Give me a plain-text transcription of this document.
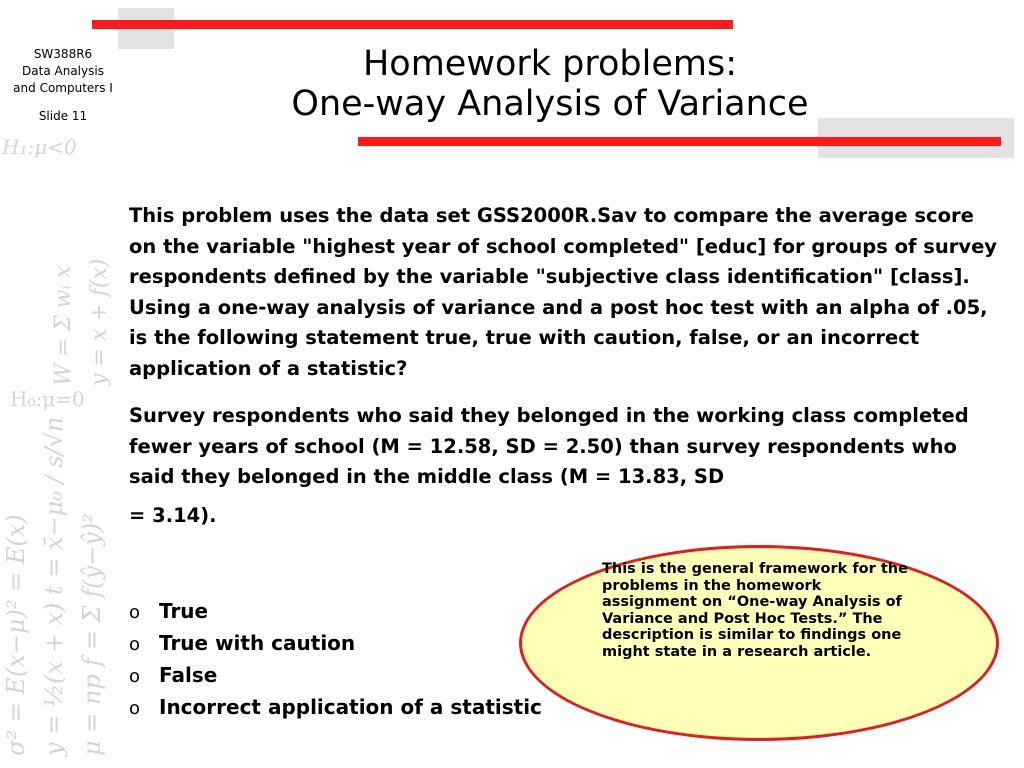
SW388R6
Data Analysis
and Computers I
Slide 11
H₁:μ<0
H₀:μ=0
σ² = E(x−μ)² = E(x) y = ½(x + x) t = x̄−μ₀ / s/√n μ = np f = Σ f(ŷ−ŷ)²
W = Σ wᵢ x y = x + f(x)
Homework problems:
One-way Analysis of Variance

This problem uses the data set GSS2000R.Sav to compare the average score on the variable "highest year of school completed" [educ] for groups of survey respondents defined by the variable "subjective class identification" [class]. Using a one-way analysis of variance and a post hoc test with an alpha of .05, is the following statement true, true with caution, false, or an incorrect application of a statistic?

Survey respondents who said they belonged in the working class completed fewer years of school (M = 12.58, SD = 2.50) than survey respondents who said they belonged in the middle class (M = 13.83, SD
= 3.14).

o True
o True with caution
o False
o Incorrect application of a statistic
This is the general framework for the problems in the homework assignment on “One-way Analysis of Variance and Post Hoc Tests.” The description is similar to findings one might state in a research article.
